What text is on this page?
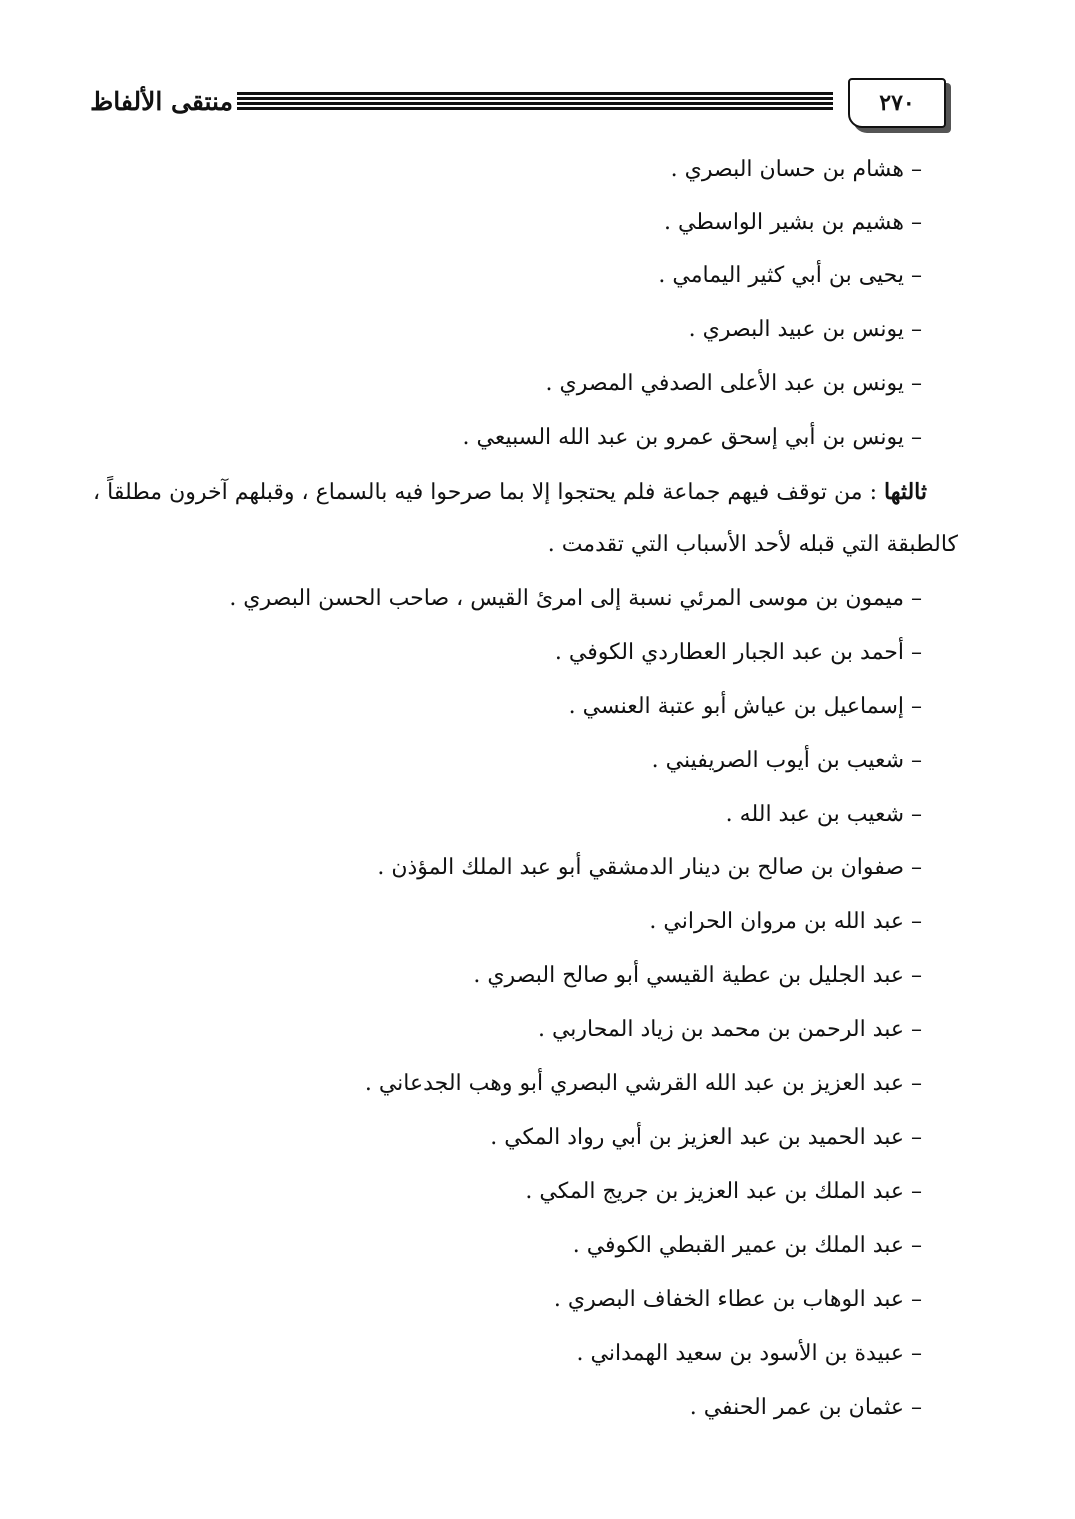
منتقى الألفاظ	٢٧٠
– هشام بن حسان البصري .
– هشيم بن بشير الواسطي .
– يحيى بن أبي كثير اليمامي .
– يونس بن عبيد البصري .
– يونس بن عبد الأعلى الصدفي المصري .
– يونس بن أبي إسحق عمرو بن عبد الله السبيعي .
ثالثها : من توقف فيهم جماعة فلم يحتجوا إلا بما صرحوا فيه بالسماع ، وقبلهم آخرون مطلقاً ،
كالطبقة التي قبله لأحد الأسباب التي تقدمت .
– ميمون بن موسى المرئي نسبة إلى امرئ القيس ، صاحب الحسن البصري .
– أحمد بن عبد الجبار العطاردي الكوفي .
– إسماعيل بن عياش أبو عتبة العنسي .
– شعيب بن أيوب الصريفيني .
– شعيب بن عبد الله .
– صفوان بن صالح بن دينار الدمشقي أبو عبد الملك المؤذن .
– عبد الله بن مروان الحراني .
– عبد الجليل بن عطية القيسي أبو صالح البصري .
– عبد الرحمن بن محمد بن زياد المحاربي .
– عبد العزيز بن عبد الله القرشي البصري أبو وهب الجدعاني .
– عبد الحميد بن عبد العزيز بن أبي رواد المكي .
– عبد الملك بن عبد العزيز بن جريج المكي .
– عبد الملك بن عمير القبطي الكوفي .
– عبد الوهاب بن عطاء الخفاف البصري .
– عبيدة بن الأسود بن سعيد الهمداني .
– عثمان بن عمر الحنفي .
